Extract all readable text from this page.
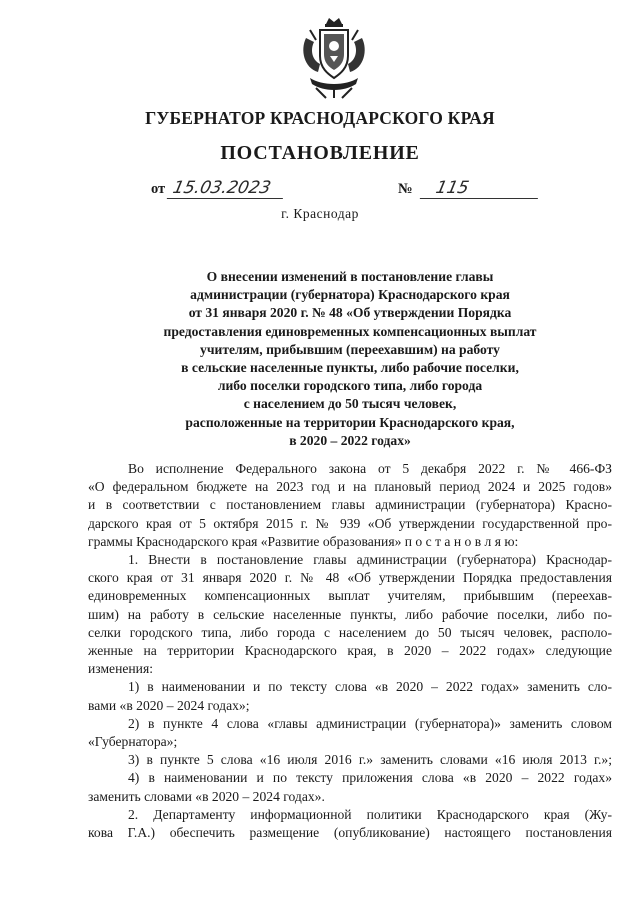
ГУБЕРНАТОР КРАСНОДАРСКОГО КРАЯ
ПОСТАНОВЛЕНИЕ
от 15.03.2023	№ 115
г. Краснодар
О внесении изменений в постановление главы
администрации (губернатора) Краснодарского края
от 31 января 2020 г. № 48 «Об утверждении Порядка
предоставления единовременных компенсационных выплат
учителям, прибывшим (переехавшим) на работу
в сельские населенные пункты, либо рабочие поселки,
либо поселки городского типа, либо города
с населением до 50 тысяч человек,
расположенные на территории Краснодарского края,
в 2020 – 2022 годах»
Во исполнение Федерального закона от 5 декабря 2022 г. № 466-ФЗ
«О федеральном бюджете на 2023 год и на плановый период 2024 и 2025 годов»
и в соответствии с постановлением главы администрации (губернатора) Красно-
дарского края от 5 октября 2015 г. № 939 «Об утверждении государственной про-
граммы Краснодарского края «Развитие образования» п о с т а н о в л я ю:
1. Внести в постановление главы администрации (губернатора) Краснодар-
ского края от 31 января 2020 г. № 48 «Об утверждении Порядка предоставления
единовременных компенсационных выплат учителям, прибывшим (переехав-
шим) на работу в сельские населенные пункты, либо рабочие поселки, либо по-
селки городского типа, либо города с населением до 50 тысяч человек, располо-
женные на территории Краснодарского края, в 2020 – 2022 годах» следующие
изменения:
1) в наименовании и по тексту слова «в 2020 – 2022 годах» заменить сло-
вами «в 2020 – 2024 годах»;
2) в пункте 4 слова «главы администрации (губернатора)» заменить словом
«Губернатора»;
3) в пункте 5 слова «16 июля 2016 г.» заменить словами «16 июля 2013 г.»;
4) в наименовании и по тексту приложения слова «в 2020 – 2022 годах»
заменить словами «в 2020 – 2024 годах».
2. Департаменту информационной политики Краснодарского края (Жу-
кова Г.А.) обеспечить размещение (опубликование) настоящего постановления
